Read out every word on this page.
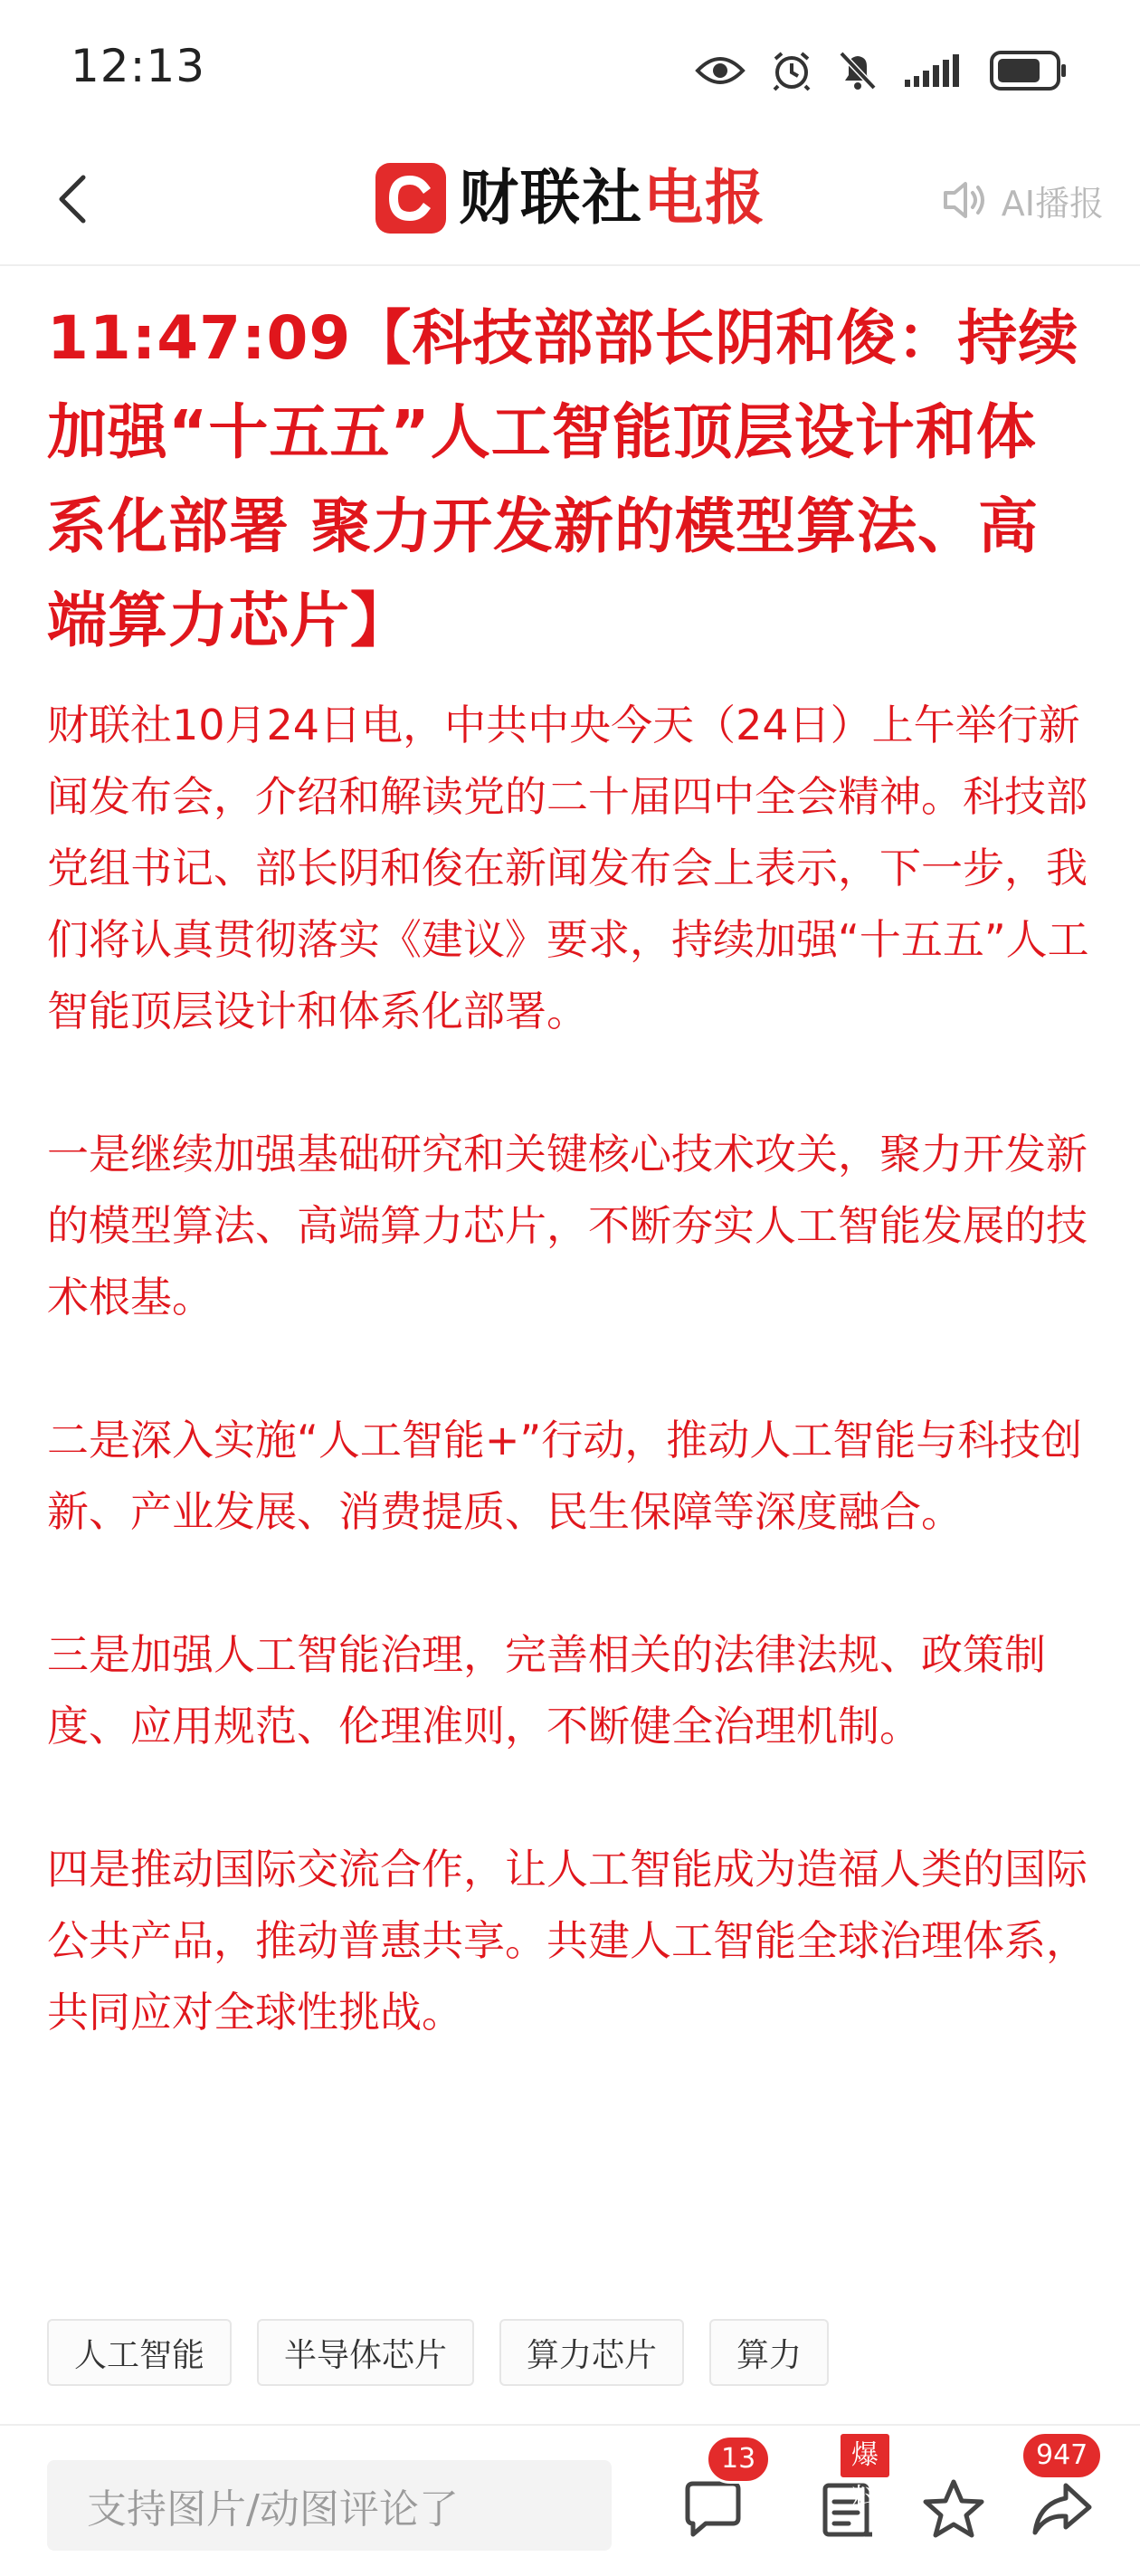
12:13
财联社电报	AI播报
11:47:09【科技部部长阴和俊：持续加强“十五五”人工智能顶层设计和体系化部署 聚力开发新的模型算法、高端算力芯片】

财联社10月24日电，中共中央今天（24日）上午举行新闻发布会，介绍和解读党的二十届四中全会精神。科技部党组书记、部长阴和俊在新闻发布会上表示，下一步，我们将认真贯彻落实《建议》要求，持续加强“十五五”人工智能顶层设计和体系化部署。

一是继续加强基础研究和关键核心技术攻关，聚力开发新的模型算法、高端算力芯片，不断夯实人工智能发展的技术根基。

二是深入实施“人工智能+”行动，推动人工智能与科技创新、产业发展、消费提质、民生保障等深度融合。

三是加强人工智能治理，完善相关的法律法规、政策制度、应用规范、伦理准则，不断健全治理机制。

四是推动国际交流合作，让人工智能成为造福人类的国际公共产品，推动普惠共享。共建人工智能全球治理体系，共同应对全球性挑战。

人工智能	半导体芯片	算力芯片	算力
支持图片/动图评论了
13	爆料
947
